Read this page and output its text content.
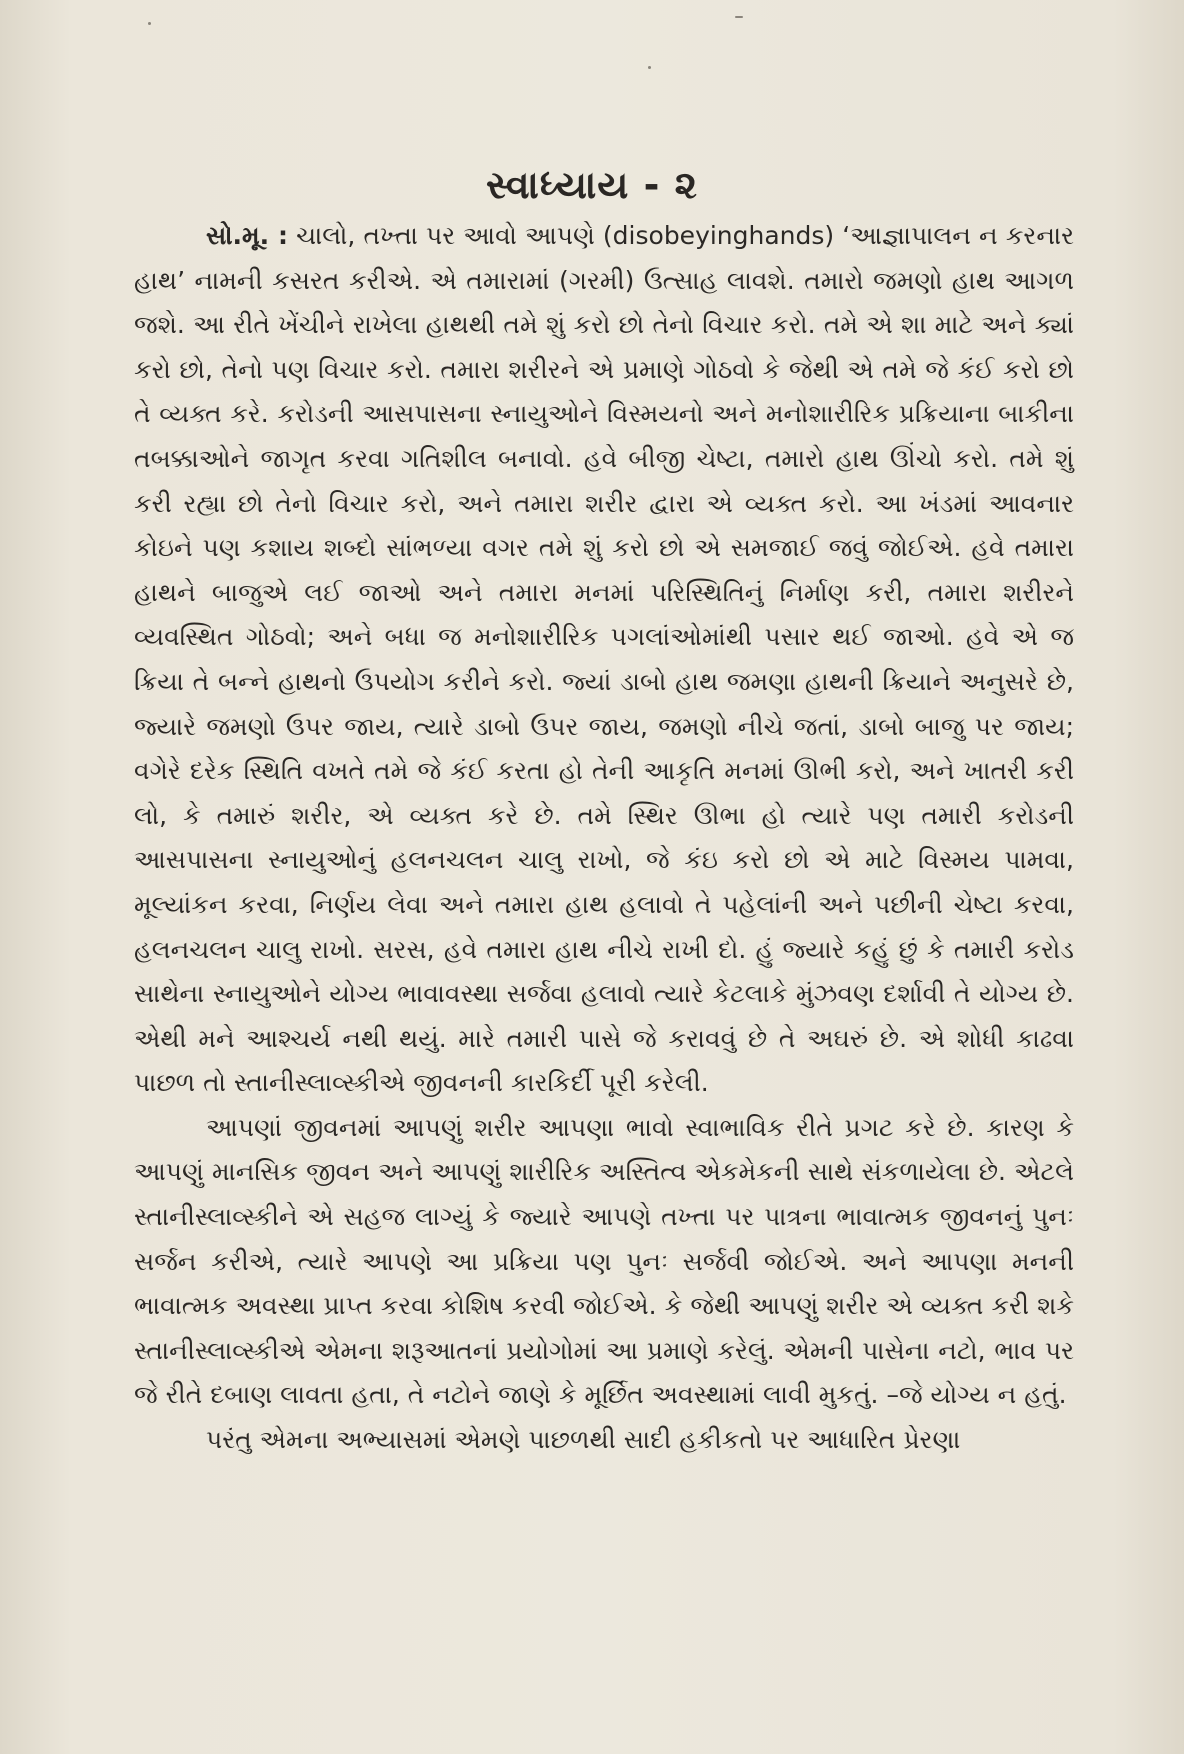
સ્વાધ્યાય - ૨

સો.મૂ. : ચાલો, તખ્તા પર આવો આપણે (disobeyinghands) ‘આજ્ઞાપાલન ન કરનાર હાથ’ નામની કસરત કરીએ. એ તમારામાં (ગરમી) ઉત્સાહ લાવશે. તમારો જમણો હાથ આગળ જશે. આ રીતે ખેંચીને રાખેલા હાથથી તમે શું કરો છો તેનો વિચાર કરો. તમે એ શા માટે અને ક્યાં કરો છો, તેનો પણ વિચાર કરો. તમારા શરીરને એ પ્રમાણે ગોઠવો કે જેથી એ તમે જે કંઈ કરો છો તે વ્યક્ત કરે. કરોડની આસપાસના સ્નાયુઓને વિસ્મયનો અને મનોશારીરિક પ્રક્રિયાના બાકીના તબક્કાઓને જાગૃત કરવા ગતિશીલ બનાવો. હવે બીજી ચેષ્ટા, તમારો હાથ ઊંચો કરો. તમે શું કરી રહ્યા છો તેનો વિચાર કરો, અને તમારા શરીર દ્વારા એ વ્યક્ત કરો. આ ખંડમાં આવનાર કોઇને પણ કશાય શબ્દો સાંભળ્યા વગર તમે શું કરો છો એ સમજાઈ જવું જોઈએ. હવે તમારા હાથને બાજુએ લઈ જાઓ અને તમારા મનમાં પરિસ્થિતિનું નિર્માણ કરી, તમારા શરીરને વ્યવસ્થિત ગોઠવો; અને બધા જ મનોશારીરિક પગલાંઓમાંથી પસાર થઈ જાઓ. હવે એ જ ક્રિયા તે બન્ને હાથનો ઉપયોગ કરીને કરો. જ્યાં ડાબો હાથ જમણા હાથની ક્રિયાને અનુસરે છે, જ્યારે જમણો ઉપર જાય, ત્યારે ડાબો ઉપર જાય, જમણો નીચે જતાં, ડાબો બાજુ પર જાય; વગેરે દરેક સ્થિતિ વખતે તમે જે કંઈ કરતા હો તેની આકૃતિ મનમાં ઊભી કરો, અને ખાતરી કરી લો, કે તમારું શરીર, એ વ્યક્ત કરે છે. તમે સ્થિર ઊભા હો ત્યારે પણ તમારી કરોડની આસપાસના સ્નાયુઓનું હલનચલન ચાલુ રાખો, જે કંઇ કરો છો એ માટે વિસ્મય પામવા, મૂલ્યાંકન કરવા, નિર્ણય લેવા અને તમારા હાથ હલાવો તે પહેલાંની અને પછીની ચેષ્ટા કરવા, હલનચલન ચાલુ રાખો. સરસ, હવે તમારા હાથ નીચે રાખી દો. હું જ્યારે કહું છું કે તમારી કરોડ સાથેના સ્નાયુઓને યોગ્ય ભાવાવસ્થા સર્જવા હલાવો ત્યારે કેટલાકે મુંઝવણ દર્શાવી તે યોગ્ય છે. એથી મને આશ્ચર્ય નથી થયું. મારે તમારી પાસે જે કરાવવું છે તે અઘરું છે. એ શોધી કાઢવા પાછળ તો સ્તાનીસ્લાવ્સ્કીએ જીવનની કારકિર્દી પૂરી કરેલી.

આપણાં જીવનમાં આપણું શરીર આપણા ભાવો સ્વાભાવિક રીતે પ્રગટ કરે છે. કારણ કે આપણું માનસિક જીવન અને આપણું શારીરિક અસ્તિત્વ એકમેકની સાથે સંકળાયેલા છે. એટલે સ્તાનીસ્લાવ્સ્કીને એ સહજ લાગ્યું કે જ્યારે આપણે તખ્તા પર પાત્રના ભાવાત્મક જીવનનું પુનઃ સર્જન કરીએ, ત્યારે આપણે આ પ્રક્રિયા પણ પુનઃ સર્જવી જોઈએ. અને આપણા મનની ભાવાત્મક અવસ્થા પ્રાપ્ત કરવા કોશિષ કરવી જોઈએ. કે જેથી આપણું શરીર એ વ્યક્ત કરી શકે સ્તાનીસ્લાવ્સ્કીએ એમના શરૂઆતનાં પ્રયોગોમાં આ પ્રમાણે કરેલું. એમની પાસેના નટો, ભાવ પર જે રીતે દબાણ લાવતા હતા, તે નટોને જાણે કે મૂર્છિત અવસ્થામાં લાવી મુકતું. –જે યોગ્ય ન હતું.

પરંતુ એમના અભ્યાસમાં એમણે પાછળથી સાદી હકીકતો પર આધારિત પ્રેરણા
